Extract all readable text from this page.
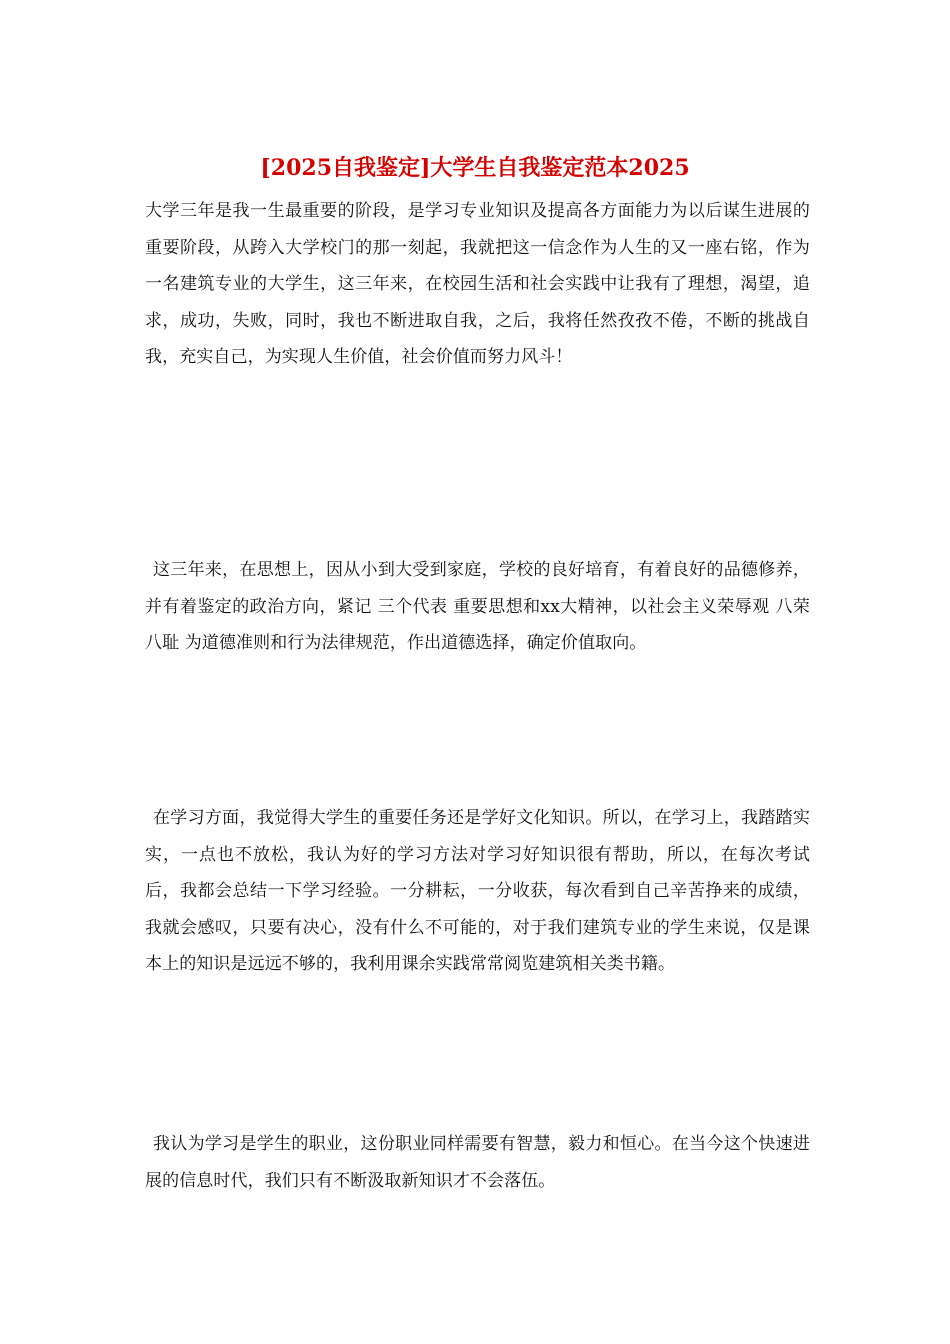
[2025自我鉴定]大学生自我鉴定范本2025

大学三年是我一生最重要的阶段，是学习专业知识及提高各方面能力为以后谋生进展的重要阶段，从跨入大学校门的那一刻起，我就把这一信念作为人生的又一座右铭，作为一名建筑专业的大学生，这三年来，在校园生活和社会实践中让我有了理想，渴望，追求，成功，失败，同时，我也不断进取自我，之后，我将任然孜孜不倦，不断的挑战自我，充实自己，为实现人生价值，社会价值而努力风斗！

这三年来，在思想上，因从小到大受到家庭，学校的良好培育，有着良好的品德修养，并有着鉴定的政治方向，紧记 三个代表 重要思想和xx大精神，以社会主义荣辱观 八荣八耻 为道德准则和行为法律规范，作出道德选择，确定价值取向。

在学习方面，我觉得大学生的重要任务还是学好文化知识。所以，在学习上，我踏踏实实，一点也不放松，我认为好的学习方法对学习好知识很有帮助，所以，在每次考试后，我都会总结一下学习经验。一分耕耘，一分收获，每次看到自己辛苦挣来的成绩，我就会感叹，只要有决心，没有什么不可能的，对于我们建筑专业的学生来说，仅是课本上的知识是远远不够的，我利用课余实践常常阅览建筑相关类书籍。

我认为学习是学生的职业，这份职业同样需要有智慧，毅力和恒心。在当今这个快速进展的信息时代，我们只有不断汲取新知识才不会落伍。
